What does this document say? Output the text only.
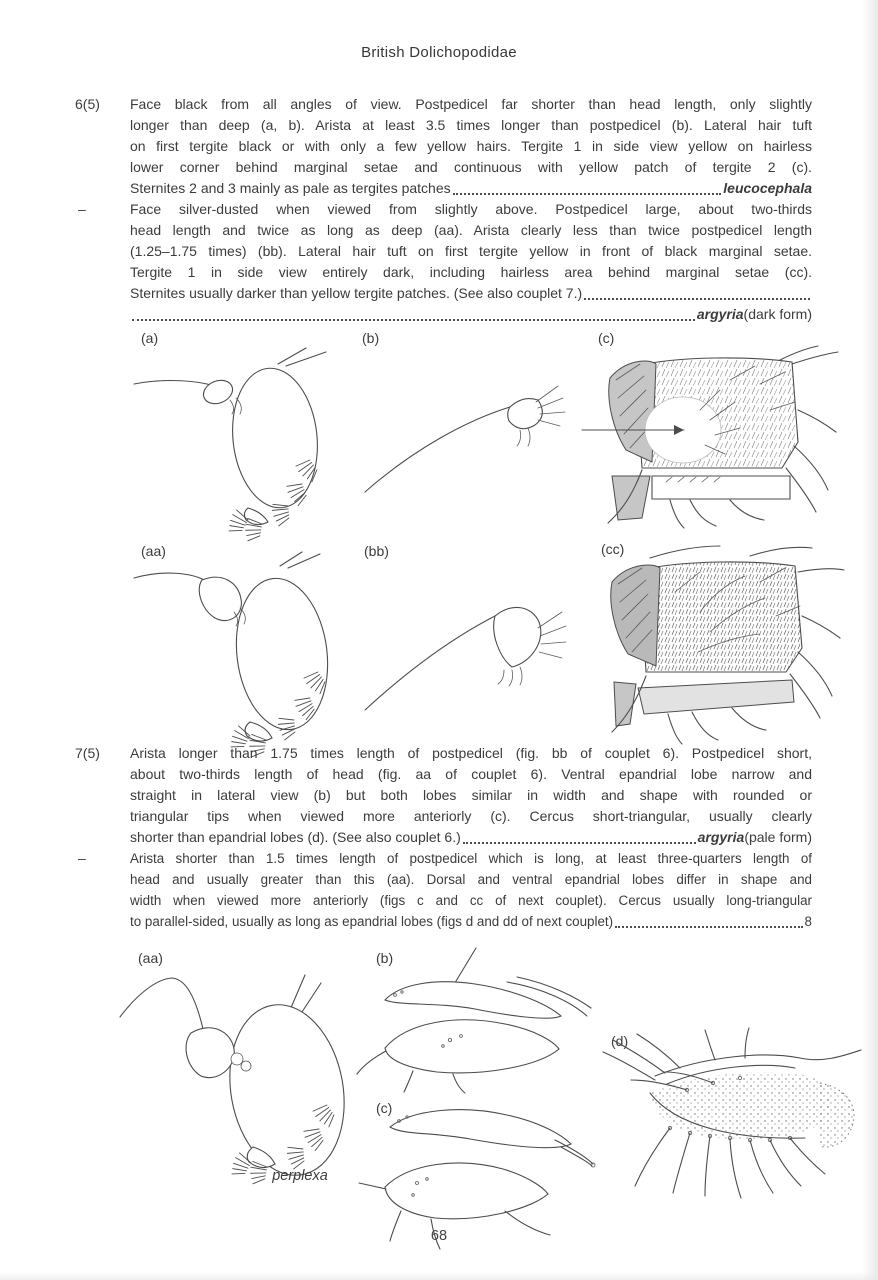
British Dolichopodidae
6(5)	Face black from all angles of view. Postpedicel far shorter than head length, only slightly
longer than deep (a, b). Arista at least 3.5 times longer than postpedicel (b). Lateral hair tuft
on first tergite black or with only a few yellow hairs. Tergite 1 in side view yellow on hairless
lower corner behind marginal setae and continuous with yellow patch of tergite 2 (c).
Sternites 2 and 3 mainly as pale as tergites patches	leucocephala
–	Face silver-dusted when viewed from slightly above. Postpedicel large, about two-thirds
head length and twice as long as deep (aa). Arista clearly less than twice postpedicel length
(1.25–1.75 times) (bb). Lateral hair tuft on first tergite yellow in front of black marginal setae.
Tergite 1 in side view entirely dark, including hairless area behind marginal setae (cc).
Sternites usually darker than yellow tergite patches. (See also couplet 7.)
argyria (dark form)
(a)	(b)	(c)
(aa)	(bb)	(cc)
7(5)	Arista longer than 1.75 times length of postpedicel (fig. bb of couplet 6). Postpedicel short,
about two-thirds length of head (fig. aa of couplet 6). Ventral epandrial lobe narrow and
straight in lateral view (b) but both lobes similar in width and shape with rounded or
triangular tips when viewed more anteriorly (c). Cercus short-triangular, usually clearly
shorter than epandrial lobes (d). (See also couplet 6.)	argyria (pale form)
–	Arista shorter than 1.5 times length of postpedicel which is long, at least three-quarters length of
head and usually greater than this (aa). Dorsal and ventral epandrial lobes differ in shape and
width when viewed more anteriorly (figs c and cc of next couplet). Cercus usually long-triangular
to parallel-sided, usually as long as epandrial lobes (figs d and dd of next couplet)	8
(aa)	(b)
(c)
(d)
perplexa
68
